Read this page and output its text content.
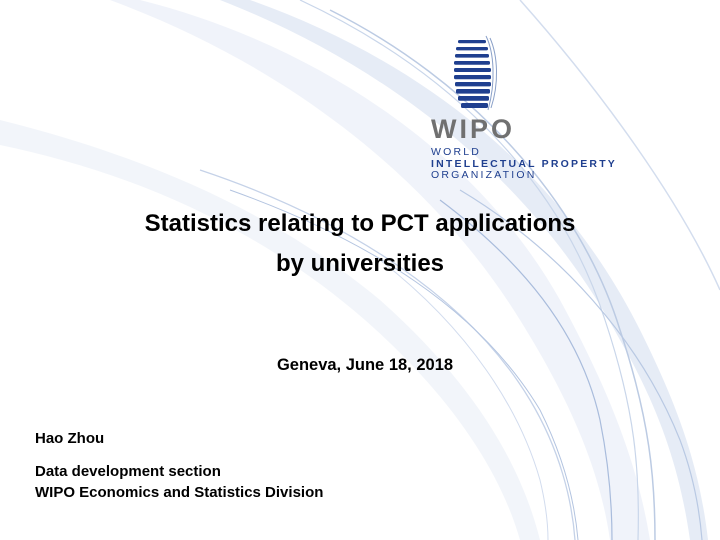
WIPO
WORLD
INTELLECTUAL PROPERTY
ORGANIZATION
Statistics relating to PCT applications
by universities
Geneva, June 18, 2018
Hao Zhou
Data development section
WIPO Economics and Statistics Division
